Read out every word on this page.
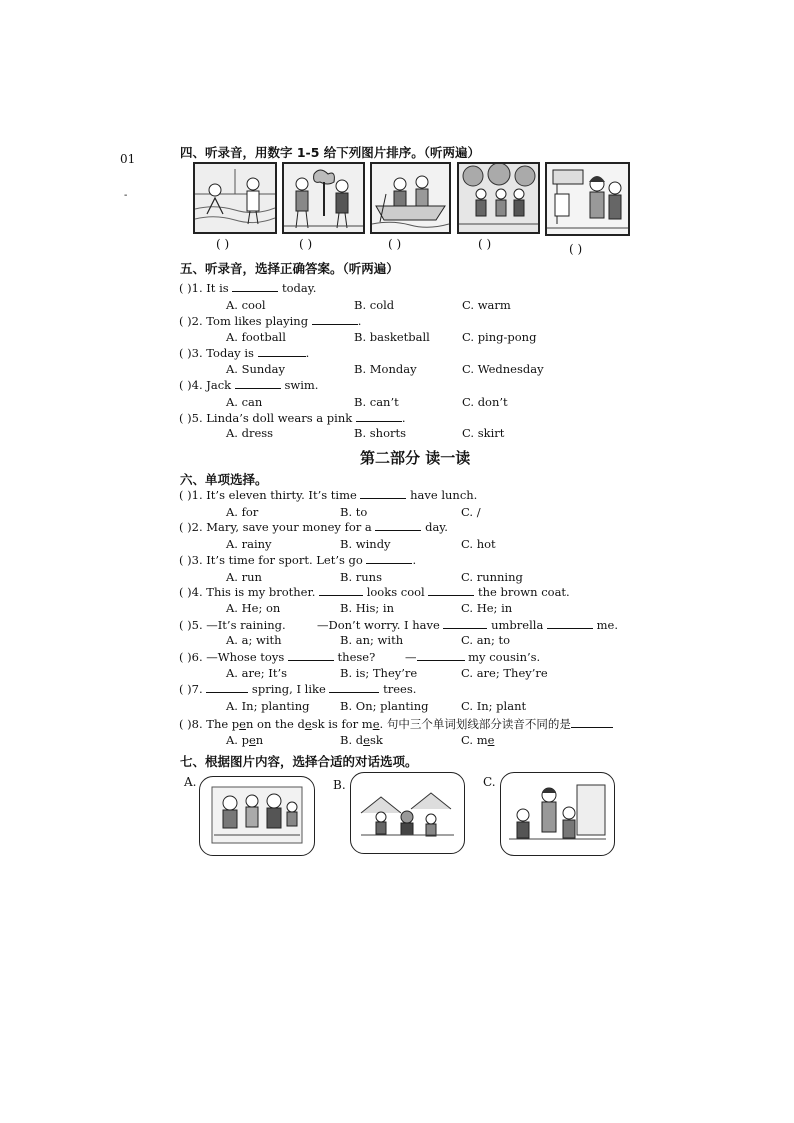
01
-
四、听录音，用数字 1-5 给下列图片排序。（听两遍）
( )	( )	( )	( )	( )
五、听录音，选择正确答案。（听两遍）
( )1. It is	today.
A. cool	B. cold	C. warm
( )2. Tom likes playing	.
A. football	B. basketball	C. ping-pong
( )3. Today is	.
A. Sunday	B. Monday	C. Wednesday
( )4. Jack	swim.
A. can	B. can’t	C. don’t
( )5. Linda’s doll wears a pink	.
A. dress	B. shorts	C. skirt
第二部分 读一读
六、单项选择。
( )1. It’s eleven thirty. It’s time	have lunch.
A. for	B. to	C. /
( )2. Mary, save your money for a	day.
A. rainy	B. windy	C. hot
( )3. It’s time for sport. Let’s go	.
A. run	B. runs	C. running
( )4. This is my brother.	looks cool	the brown coat.
A. He; on	B. His; in	C. He; in
( )5. —It’s raining.	—Don’t worry. I have	umbrella	me.
A. a; with	B. an; with	C. an; to
( )6. —Whose toys	these?	—	my cousin’s.
A. are; It’s	B. is; They’re	C. are; They’re
( )7.	spring, I like	trees.
A. In; planting	B. On; planting	C. In; plant
( )8. The pen on the desk is for me. 句中三个单词划线部分读音不同的是
A. pen	B. desk	C. me
七、根据图片内容，选择合适的对话选项。
A.	B.	C.
